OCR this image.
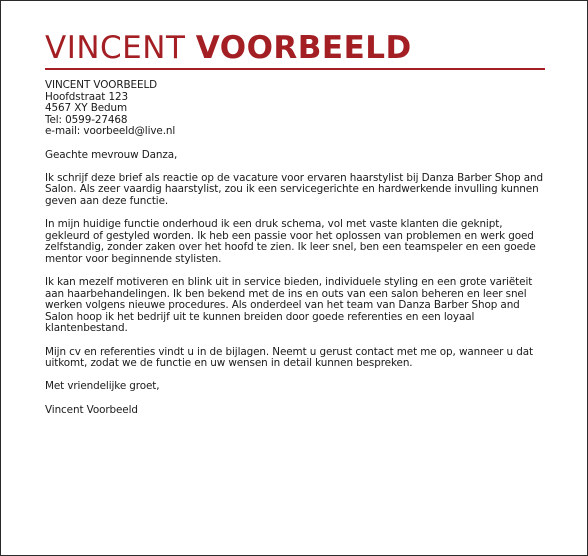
VINCENT VOORBEELD
VINCENT VOORBEELD
Hoofdstraat 123
4567 XY Bedum
Tel: 0599-27468
e-mail: voorbeeld@live.nl
Geachte mevrouw Danza,

Ik schrijf deze brief als reactie op de vacature voor ervaren haarstylist bij Danza Barber Shop and Salon. Als zeer vaardig haarstylist, zou ik een servicegerichte en hardwerkende invulling kunnen geven aan deze functie.

In mijn huidige functie onderhoud ik een druk schema, vol met vaste klanten die geknipt, gekleurd of gestyled worden. Ik heb een passie voor het oplossen van problemen en werk goed zelfstandig, zonder zaken over het hoofd te zien. Ik leer snel, ben een teamspeler en een goede mentor voor beginnende stylisten.

Ik kan mezelf motiveren en blink uit in service bieden, individuele styling en een grote variëteit aan haarbehandelingen. Ik ben bekend met de ins en outs van een salon beheren en leer snel werken volgens nieuwe procedures. Als onderdeel van het team van Danza Barber Shop and Salon hoop ik het bedrijf uit te kunnen breiden door goede referenties en een loyaal klantenbestand.

Mijn cv en referenties vindt u in de bijlagen. Neemt u gerust contact met me op, wanneer u dat uitkomt, zodat we de functie en uw wensen in detail kunnen bespreken.

Met vriendelijke groet,
Vincent Voorbeeld
